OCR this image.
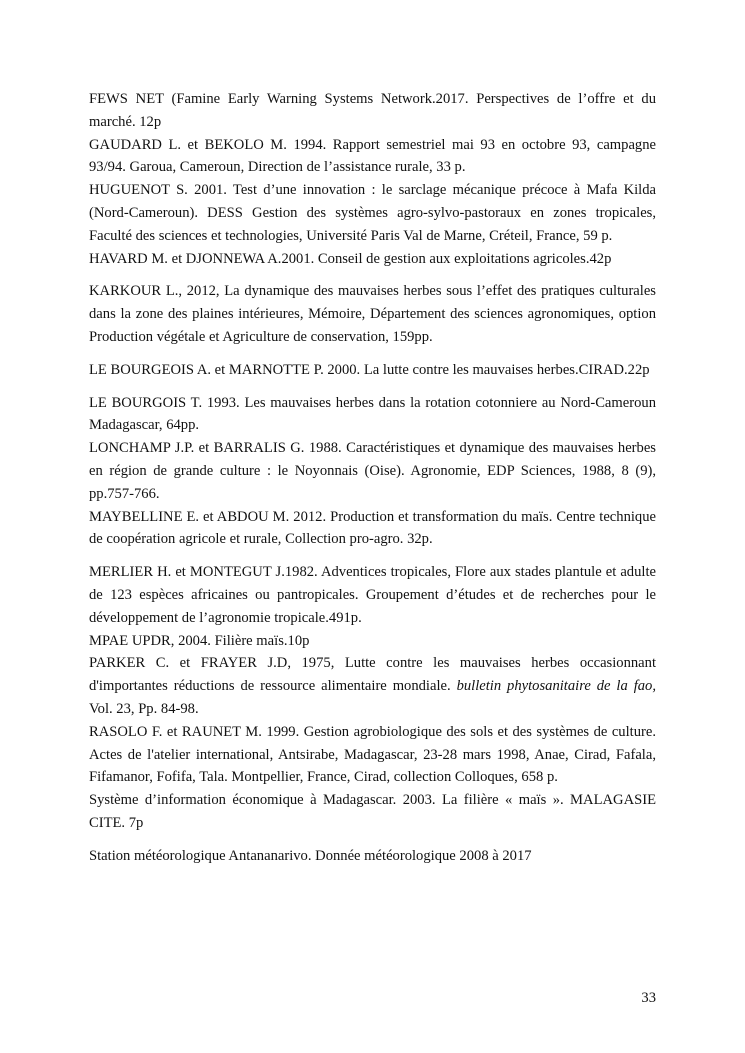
FEWS NET (Famine Early Warning Systems Network.2017. Perspectives de l’offre et du marché. 12p

GAUDARD L. et BEKOLO M. 1994. Rapport semestriel mai 93 en octobre 93, campagne 93/94. Garoua, Cameroun, Direction de l’assistance rurale, 33 p.

HUGUENOT S. 2001. Test d’une innovation : le sarclage mécanique précoce à Mafa Kilda (Nord-Cameroun). DESS Gestion des systèmes agro-sylvo-pastoraux en zones tropicales, Faculté des sciences et technologies, Université Paris Val de Marne, Créteil, France, 59 p.

HAVARD M. et DJONNEWA A.2001. Conseil de gestion aux exploitations agricoles.42p

KARKOUR L., 2012, La dynamique des mauvaises herbes sous l’effet des pratiques culturales dans la zone des plaines intérieures, Mémoire, Département des sciences agronomiques, option Production végétale et Agriculture de conservation, 159pp.

LE BOURGEOIS A. et MARNOTTE P. 2000. La lutte contre les mauvaises herbes.CIRAD.22p

LE BOURGOIS T. 1993. Les mauvaises herbes dans la rotation cotonniere au Nord-Cameroun Madagascar, 64pp.

LONCHAMP J.P. et BARRALIS G. 1988. Caractéristiques et dynamique des mauvaises herbes en région de grande culture : le Noyonnais (Oise). Agronomie, EDP Sciences, 1988, 8 (9), pp.757-766.

MAYBELLINE E. et ABDOU M. 2012. Production et transformation du maïs. Centre technique de coopération agricole et rurale, Collection pro-agro. 32p.

MERLIER H. et MONTEGUT J.1982. Adventices tropicales, Flore aux stades plantule et adulte de 123 espèces africaines ou pantropicales. Groupement d’études et de recherches pour le développement de l’agronomie tropicale.491p.

MPAE UPDR, 2004. Filière maïs.10p

PARKER C. et FRAYER J.D, 1975, Lutte contre les mauvaises herbes occasionnant d'importantes réductions de ressource alimentaire mondiale. bulletin phytosanitaire de la fao, Vol. 23, Pp. 84-98.

RASOLO F. et RAUNET M. 1999. Gestion agrobiologique des sols et des systèmes de culture. Actes de l'atelier international, Antsirabe, Madagascar, 23-28 mars 1998, Anae, Cirad, Fafala, Fifamanor, Fofifa, Tala. Montpellier, France, Cirad, collection Colloques, 658 p.

Système d’information économique à Madagascar. 2003. La filière « maïs ». MALAGASIE CITE. 7p

Station météorologique Antananarivo. Donnée météorologique 2008 à 2017

33
